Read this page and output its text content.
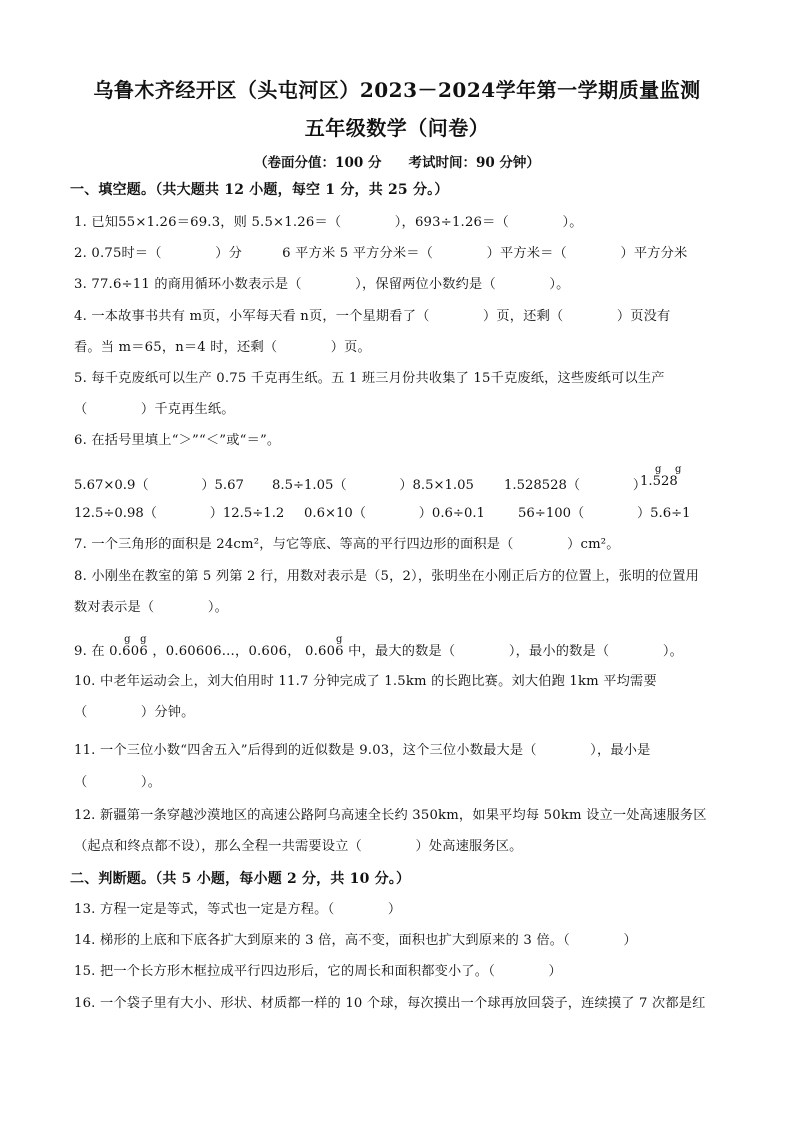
乌鲁木齐经开区（头屯河区）2023－2024学年第一学期质量监测
五年级数学（问卷）
（卷面分值：100 分　　考试时间：90 分钟）
一、填空题。（共大题共 12 小题，每空 1 分，共 25 分。）
1. 已知55×1.26＝69.3，则 5.5×1.26＝（　　　　），693÷1.26＝（　　　　）。
2. 0.75时＝（　　　　）分　　　6 平方米 5 平方分米＝（　　　　）平方米＝（　　　　）平方分米
3. 77.6÷11 的商用循环小数表示是（　　　　），保留两位小数约是（　　　　）。
4. 一本故事书共有 m页，小军每天看 n页，一个星期看了（　　　　）页，还剩（　　　　）页没有
看。当 m＝65，n＝4 时，还剩（　　　　）页。
5. 每千克废纸可以生产 0.75 千克再生纸。五 1 班三月份共收集了 15千克废纸，这些废纸可以生产
（　　　　）千克再生纸。
6. 在括号里填上“＞”“＜”或“＝”。
5.67×0.9（　　　　）5.67 8.5÷1.05（　　　　）8.5×1.05 1.528528（　　　　）
1.528
g g
12.5÷0.98（　　　　）12.5÷1.2 0.6×10（　　　　）0.6÷0.1	56÷100（　　　　）5.6÷1
7. 一个三角形的面积是 24cm²，与它等底、等高的平行四边形的面积是（　　　　）cm²。
8. 小刚坐在教室的第 5 列第 2 行，用数对表示是（5，2），张明坐在小刚正后方的位置上，张明的位置用
数对表示是（　　　　）。
9. 在 0.606
g g
，0.60606…，0.606， 0.606
g
中，最大的数是（　　　　），最小的数是（　　　　）。
10. 中老年运动会上，刘大伯用时 11.7 分钟完成了 1.5km 的长跑比赛。刘大伯跑 1km 平均需要
（　　　　）分钟。
11. 一个三位小数“四舍五入”后得到的近似数是 9.03，这个三位小数最大是（　　　　），最小是
（　　　　）。
12. 新疆第一条穿越沙漠地区的高速公路阿乌高速全长约 350km，如果平均每 50km 设立一处高速服务区
（起点和终点都不设），那么全程一共需要设立（　　　　）处高速服务区。
二、判断题。（共 5 小题，每小题 2 分，共 10 分。）
13. 方程一定是等式，等式也一定是方程。（　　　　）
14. 梯形的上底和下底各扩大到原来的 3 倍，高不变，面积也扩大到原来的 3 倍。（　　　　）
15. 把一个长方形木框拉成平行四边形后，它的周长和面积都变小了。（　　　　）
16. 一个袋子里有大小、形状、材质都一样的 10 个球，每次摸出一个球再放回袋子，连续摸了 7 次都是红
